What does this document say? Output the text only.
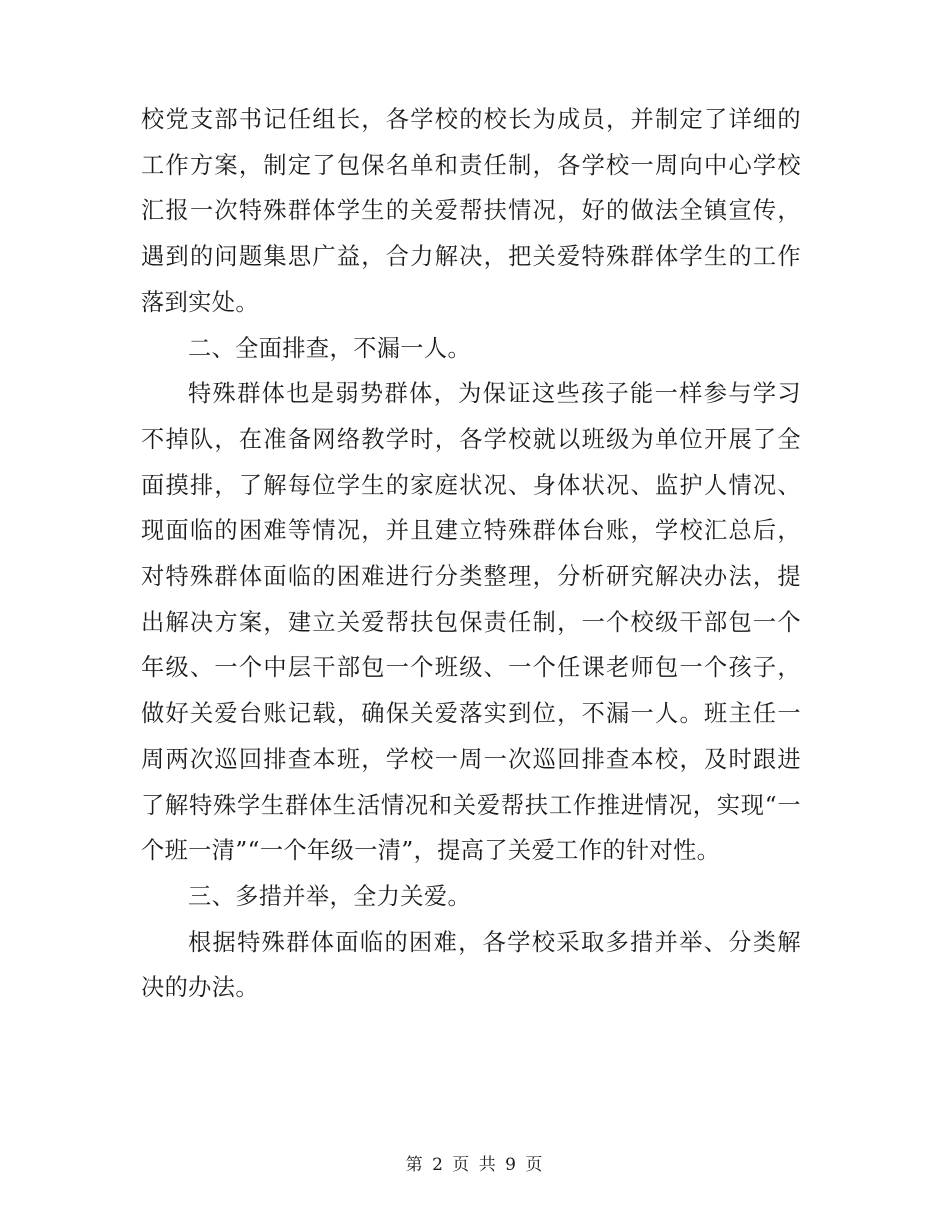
校党支部书记任组长，各学校的校长为成员，并制定了详细的工作方案，制定了包保名单和责任制，各学校一周向中心学校汇报一次特殊群体学生的关爱帮扶情况，好的做法全镇宣传，遇到的问题集思广益，合力解决，把关爱特殊群体学生的工作落到实处。

二、全面排查，不漏一人。

特殊群体也是弱势群体，为保证这些孩子能一样参与学习不掉队，在准备网络教学时，各学校就以班级为单位开展了全面摸排，了解每位学生的家庭状况、身体状况、监护人情况、现面临的困难等情况，并且建立特殊群体台账，学校汇总后，对特殊群体面临的困难进行分类整理，分析研究解决办法，提出解决方案，建立关爱帮扶包保责任制，一个校级干部包一个年级、一个中层干部包一个班级、一个任课老师包一个孩子，做好关爱台账记载，确保关爱落实到位，不漏一人。班主任一周两次巡回排查本班，学校一周一次巡回排查本校，及时跟进了解特殊学生群体生活情况和关爱帮扶工作推进情况，实现“一个班一清”“一个年级一清”，提高了关爱工作的针对性。

三、多措并举，全力关爱。

根据特殊群体面临的困难，各学校采取多措并举、分类解决的办法。

第 2 页 共 9 页
